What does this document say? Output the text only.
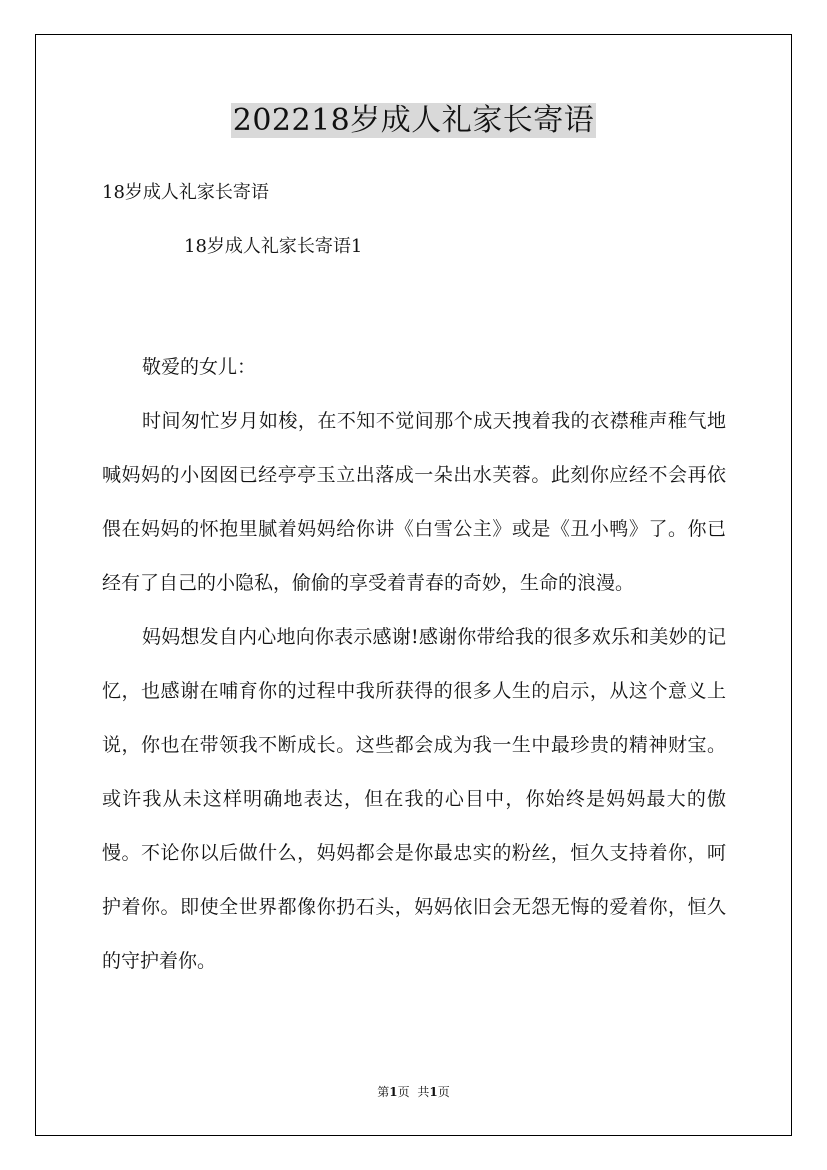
202218岁成人礼家长寄语

18岁成人礼家长寄语

18岁成人礼家长寄语1

敬爱的女儿：

时间匆忙岁月如梭，在不知不觉间那个成天拽着我的衣襟稚声稚气地喊妈妈的小囡囡已经亭亭玉立出落成一朵出水芙蓉。此刻你应经不会再依偎在妈妈的怀抱里腻着妈妈给你讲《白雪公主》或是《丑小鸭》了。你已经有了自己的小隐私，偷偷的享受着青春的奇妙，生命的浪漫。

妈妈想发自内心地向你表示感谢!感谢你带给我的很多欢乐和美妙的记忆，也感谢在哺育你的过程中我所获得的很多人生的启示，从这个意义上说，你也在带领我不断成长。这些都会成为我一生中最珍贵的精神财宝。或许我从未这样明确地表达，但在我的心目中，你始终是妈妈最大的傲慢。不论你以后做什么，妈妈都会是你最忠实的粉丝，恒久支持着你，呵护着你。即使全世界都像你扔石头，妈妈依旧会无怨无悔的爱着你，恒久的守护着你。

第1页 共1页
